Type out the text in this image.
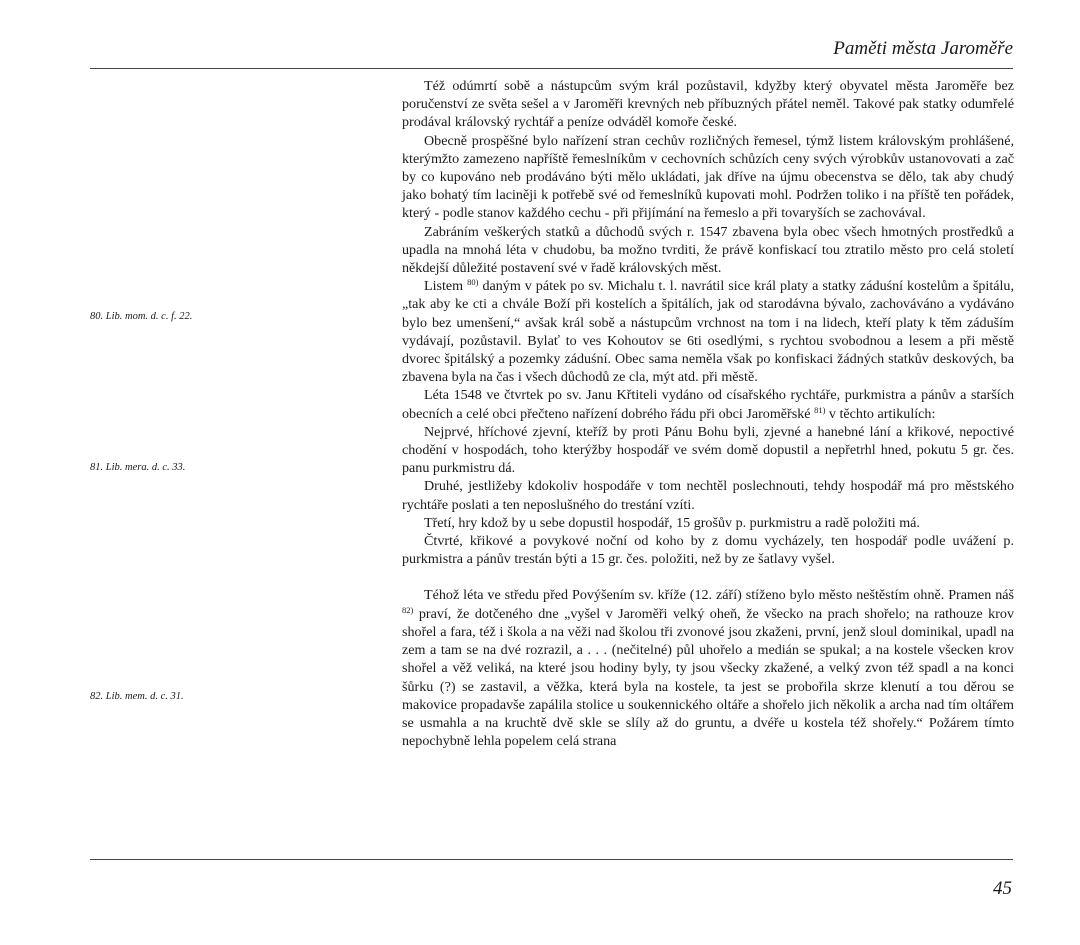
Paměti města Jaroměře
80. Lib. mom. d. c. f. 22.
81. Lib. mera. d. c. 33.
82. Lib. mem. d. c. 31.

Též odúmrtí sobě a nástupcům svým král pozůstavil, kdyžby který obyvatel města Jaroměře bez poručenství ze světa sešel a v Jaroměři krevných neb příbuzných přátel neměl. Takové pak statky odumřelé prodával královský rychtář a peníze odváděl komoře české.

Obecně prospěšné bylo nařízení stran cechův rozličných řemesel, týmž listem královským prohlášené, kterýmžto zamezeno napříště řemeslníkům v cechovních schůzích ceny svých výrobkův ustanovovati a zač by co kupováno neb prodáváno býti mělo ukládati, jak dříve na újmu obecenstva se dělo, tak aby chudý jako bohatý tím laciněji k potřebě své od řemeslníků kupovati mohl. Podržen toliko i na příště ten pořádek, který - podle stanov každého cechu - při přijímání na řemeslo a při tovaryších se zachovával.

Zabráním veškerých statků a důchodů svých r. 1547 zbavena byla obec všech hmotných prostředků a upadla na mnohá léta v chudobu, ba možno tvrditi, že právě konfiskací tou ztratilo město pro celá století někdejší důležité postavení své v řadě královských měst.

Listem $^{80)}$ daným v pátek po sv. Michalu t. l. navrátil sice král platy a statky záduśní kostelům a špitálu, „tak aby ke cti a chvále Boží při kostelích a špitálích, jak od starodávna bývalo, zachováváno a vydáváno bylo bez umenšení,“ avšak král sobě a nástupcům vrchnost na tom i na lidech, kteří platy k těm záduším vydávají, pozůstavil. Bylať to ves Kohoutov se 6ti osedlými, s rychtou svobodnou a lesem a při městě dvorec špitálský a pozemky záduśní. Obec sama neměla však po konfiskaci žádných statkův deskových, ba zbavena byla na čas i všech důchodů ze cla, mýt atd. při městě.

Léta 1548 ve čtvrtek po sv. Janu Křtiteli vydáno od císařského rychtáře, purkmistra a pánův a starších obecních a celé obci přečteno nařízení dobrého řádu při obci Jaroměřské $^{81)}$ v těchto artikulích:

Nejprvé, hříchové zjevní, kteříž by proti Pánu Bohu byli, zjevné a hanebné lání a křikové, nepoctivé chodění v hospodách, toho kterýžby hospodář ve svém domě dopustil a nepřetrhl hned, pokutu 5 gr. čes. panu purkmistru dá.

Druhé, jestližeby kdokoliv hospodáře v tom nechtěl poslechnouti, tehdy hospodář má pro městského rychtáře poslati a ten neposlušného do trestání vzíti.

Třetí, hry kdož by u sebe dopustil hospodář, 15 grošův p. purkmistru a radě položiti má.

Čtvrté, křikové a povykové noční od koho by z domu vycházely, ten hospodář podle uvážení p. purkmistra a pánův trestán býti a 15 gr. čes. položiti, než by ze šatlavy vyšel.

Téhož léta ve středu před Povýšením sv. kříže (12. září) stíženo bylo město neštěstím ohně. Pramen náš $^{82)}$ praví, že dotčeného dne „vyšel v Jaroměři velký oheň, že všecko na prach shořelo; na rathouze krov shořel a fara, též i škola a na věži nad školou tři zvonové jsou zkaženi, první, jenž sloul dominikal, upadl na zem a tam se na dvé rozrazil, a . . . (nečitelné) půl uhořelo a medián se spukal; a na kostele všecken krov shořel a věž veliká, na které jsou hodiny byly, ty jsou všecky zkažené, a velký zvon též spadl a na konci šůrku (?) se zastavil, a věžka, která byla na kostele, ta jest se probořila skrze klenutí a tou děrou se makovice propadavše zapálila stolice u soukennického oltáře a shořelo jich několik a archa nad tím oltářem se usmahla a na kruchtě dvě skle se slíly až do gruntu, a dvéře u kostela též shořely.“ Požárem tímto nepochybně lehla popelem celá strana

45
